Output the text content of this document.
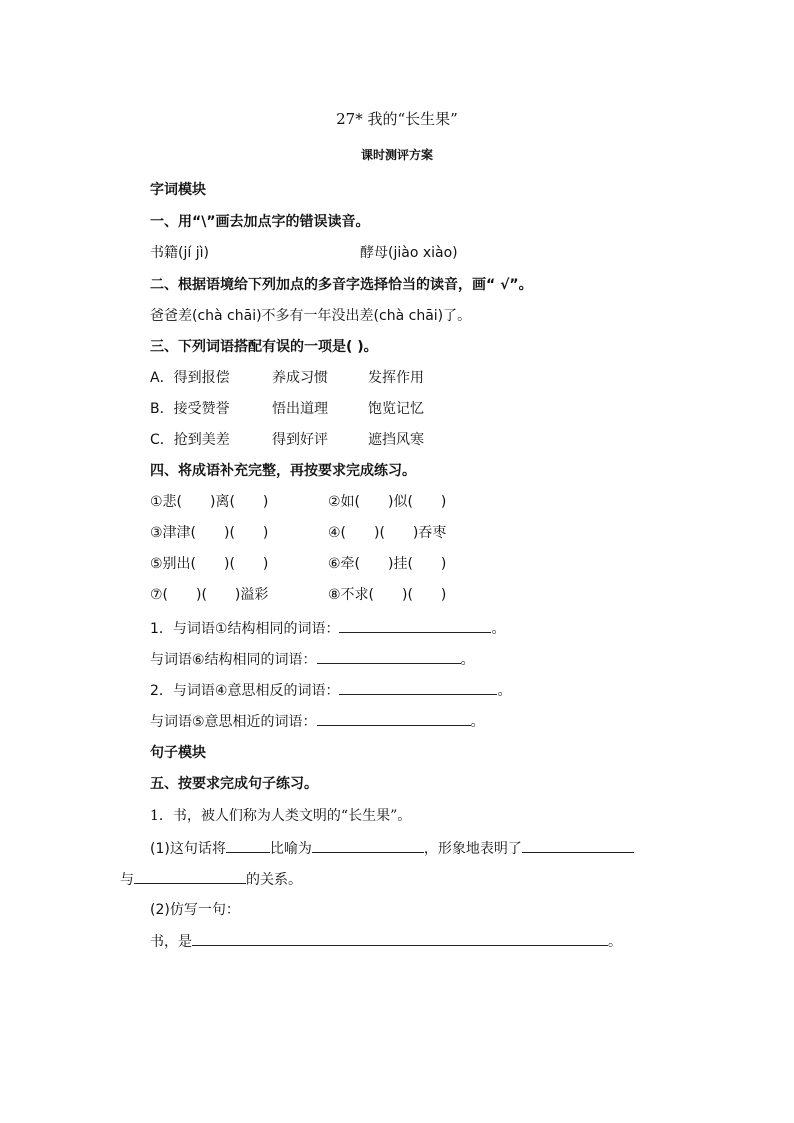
27* 我的“长生果”
课时测评方案
字词模块
一、用“\”画去加点字的错误读音。
书籍(jí jì)	酵母(jiào xiào)
二、根据语境给下列加点的多音字选择恰当的读音，画“ √”。
爸爸差(chà chāi)不多有一年没出差(chà chāi)了。
三、下列词语搭配有误的一项是( )。
A．得到报偿	养成习惯	发挥作用
B．接受赞誉	悟出道理	饱览记忆
C．抢到美差	得到好评	遮挡风寒
四、将成语补充完整，再按要求完成练习。
①悲(　　)离(　　)	②如(　　)似(　　)
③津津(　　)(　　)	④(　　)(　　)吞枣
⑤别出(　　)(　　)	⑥牵(　　)挂(　　)
⑦(　　)(　　)溢彩	⑧不求(　　)(　　)
1．与词语①结构相同的词语：	。
与词语⑥结构相同的词语：	。
2．与词语④意思相反的词语：	。
与词语⑤意思相近的词语：	。
句子模块
五、按要求完成句子练习。
1．书，被人们称为人类文明的“长生果”。
(1)这句话将	比喻为	，形象地表明了
与	的关系。
(2)仿写一句：
书，是	。
